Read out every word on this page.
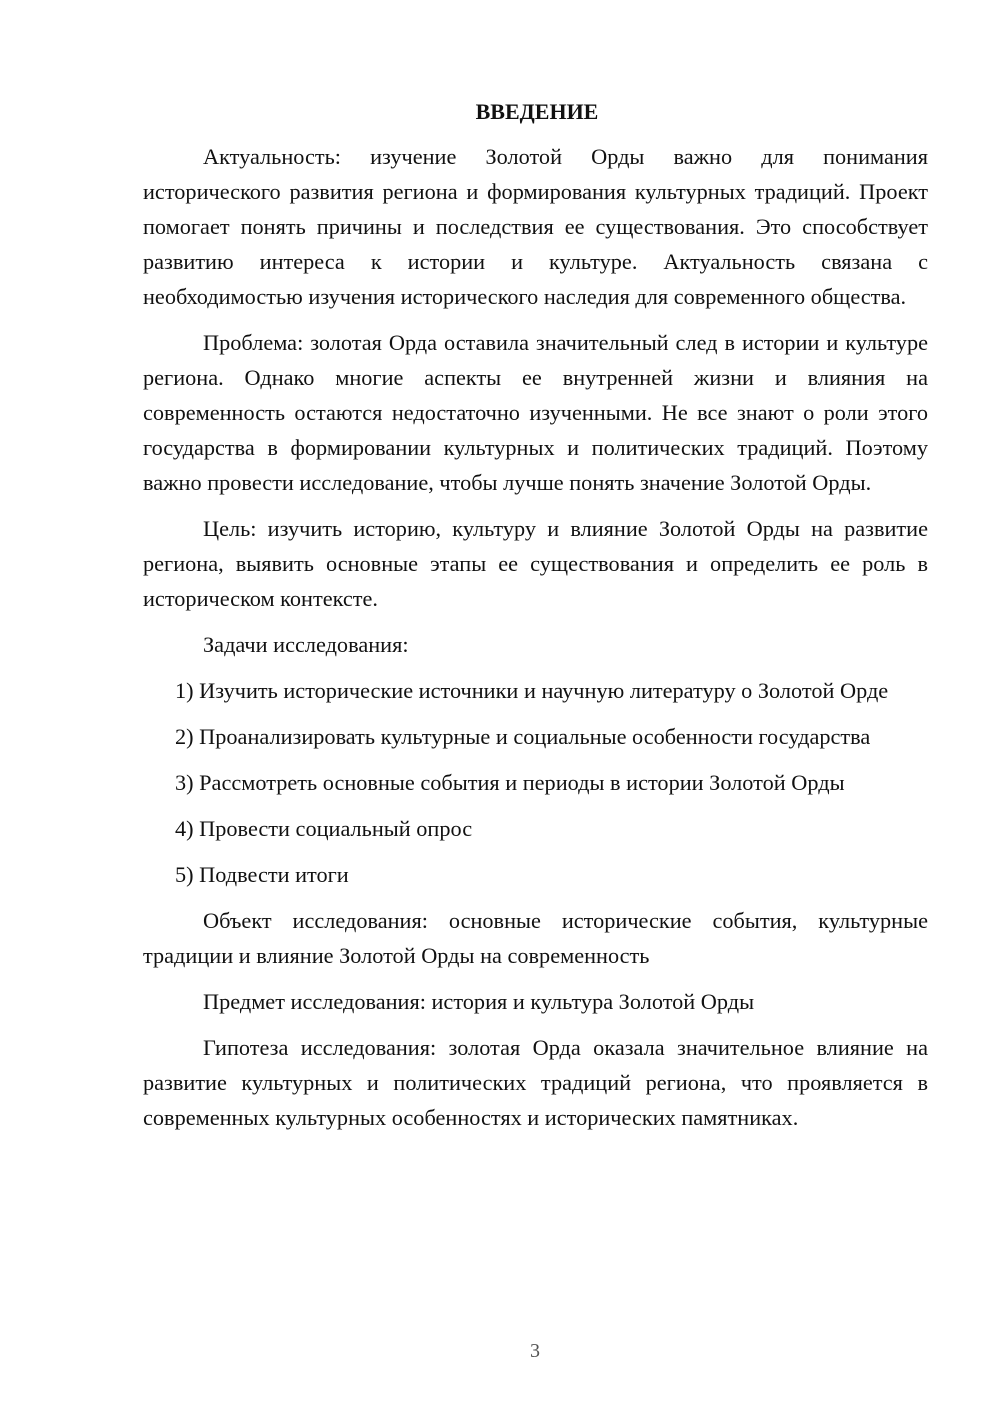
ВВЕДЕНИЕ

Актуальность: изучение Золотой Орды важно для понимания исторического развития региона и формирования культурных традиций. Проект помогает понять причины и последствия ее существования. Это способствует развитию интереса к истории и культуре. Актуальность связана с необходимостью изучения исторического наследия для современного общества.

Проблема: золотая Орда оставила значительный след в истории и культуре региона. Однако многие аспекты ее внутренней жизни и влияния на современность остаются недостаточно изученными. Не все знают о роли этого государства в формировании культурных и политических традиций. Поэтому важно провести исследование, чтобы лучше понять значение Золотой Орды.

Цель: изучить историю, культуру и влияние Золотой Орды на развитие региона, выявить основные этапы ее существования и определить ее роль в историческом контексте.

Задачи исследования:

1) Изучить исторические источники и научную литературу о Золотой Орде

2) Проанализировать культурные и социальные особенности государства

3) Рассмотреть основные события и периоды в истории Золотой Орды

4) Провести социальный опрос

5) Подвести итоги

Объект исследования: основные исторические события, культурные традиции и влияние Золотой Орды на современность

Предмет исследования: история и культура Золотой Орды

Гипотеза исследования: золотая Орда оказала значительное влияние на развитие культурных и политических традиций региона, что проявляется в современных культурных особенностях и исторических памятниках.

3
